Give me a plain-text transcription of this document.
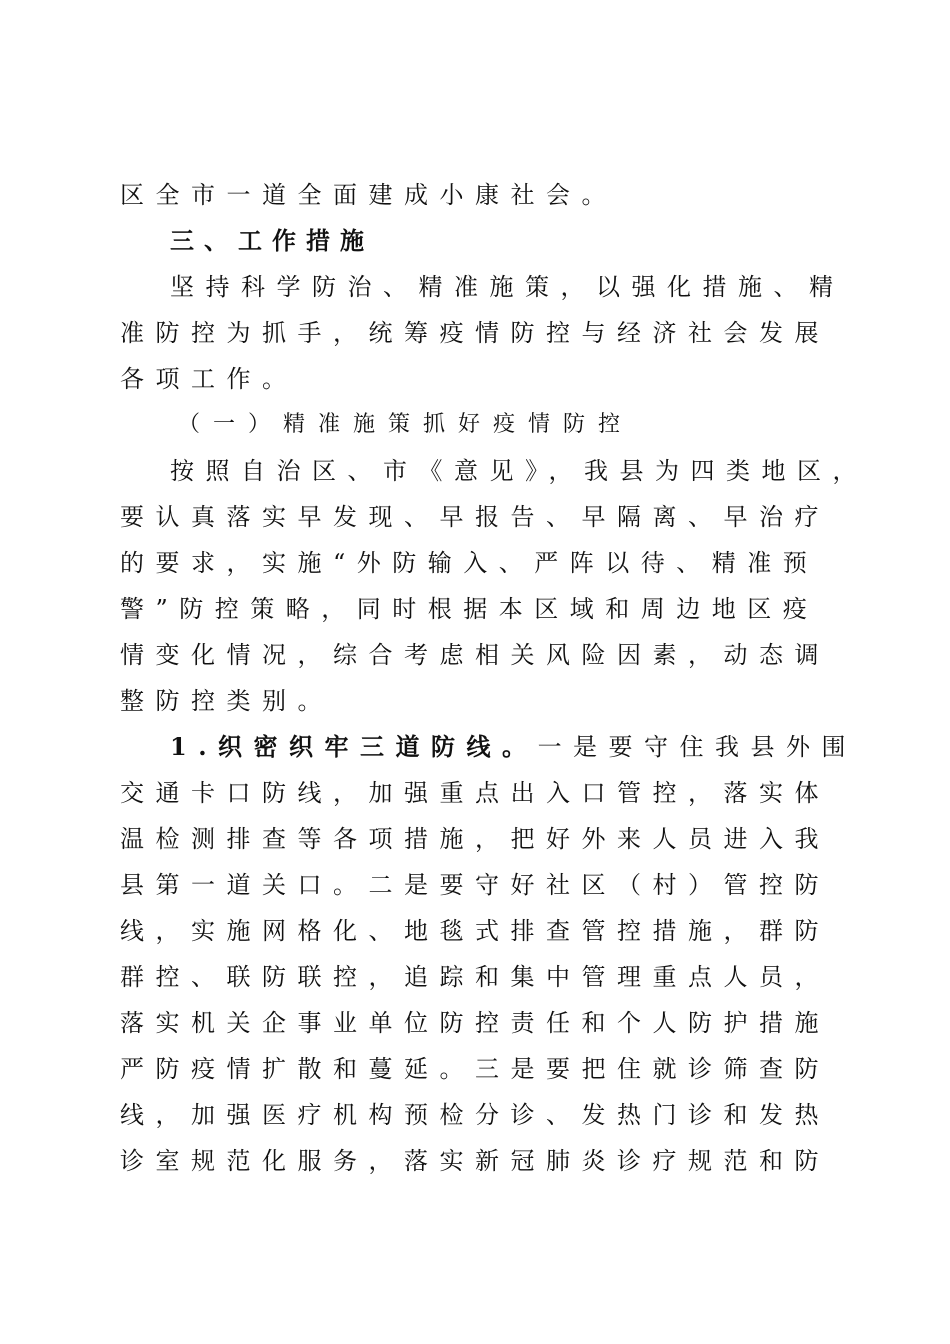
区全市一道全面建成小康社会。

三、工作措施

坚持科学防治、精准施策，以强化措施、精

准防控为抓手，统筹疫情防控与经济社会发展

各项工作。

（一）精准施策抓好疫情防控

按照自治区、市《意见》，我县为四类地区，

要认真落实早发现、早报告、早隔离、早治疗

的要求，实施“外防输入、严阵以待、精准预

警”防控策略，同时根据本区域和周边地区疫

情变化情况，综合考虑相关风险因素，动态调

整防控类别。

1.织密织牢三道防线。一是要守住我县外围

交通卡口防线，加强重点出入口管控，落实体

温检测排查等各项措施，把好外来人员进入我

县第一道关口。二是要守好社区（村）管控防

线，实施网格化、地毯式排查管控措施，群防

群控、联防联控，追踪和集中管理重点人员，

落实机关企事业单位防控责任和个人防护措施

严防疫情扩散和蔓延。三是要把住就诊筛查防

线，加强医疗机构预检分诊、发热门诊和发热

诊室规范化服务，落实新冠肺炎诊疗规范和防
